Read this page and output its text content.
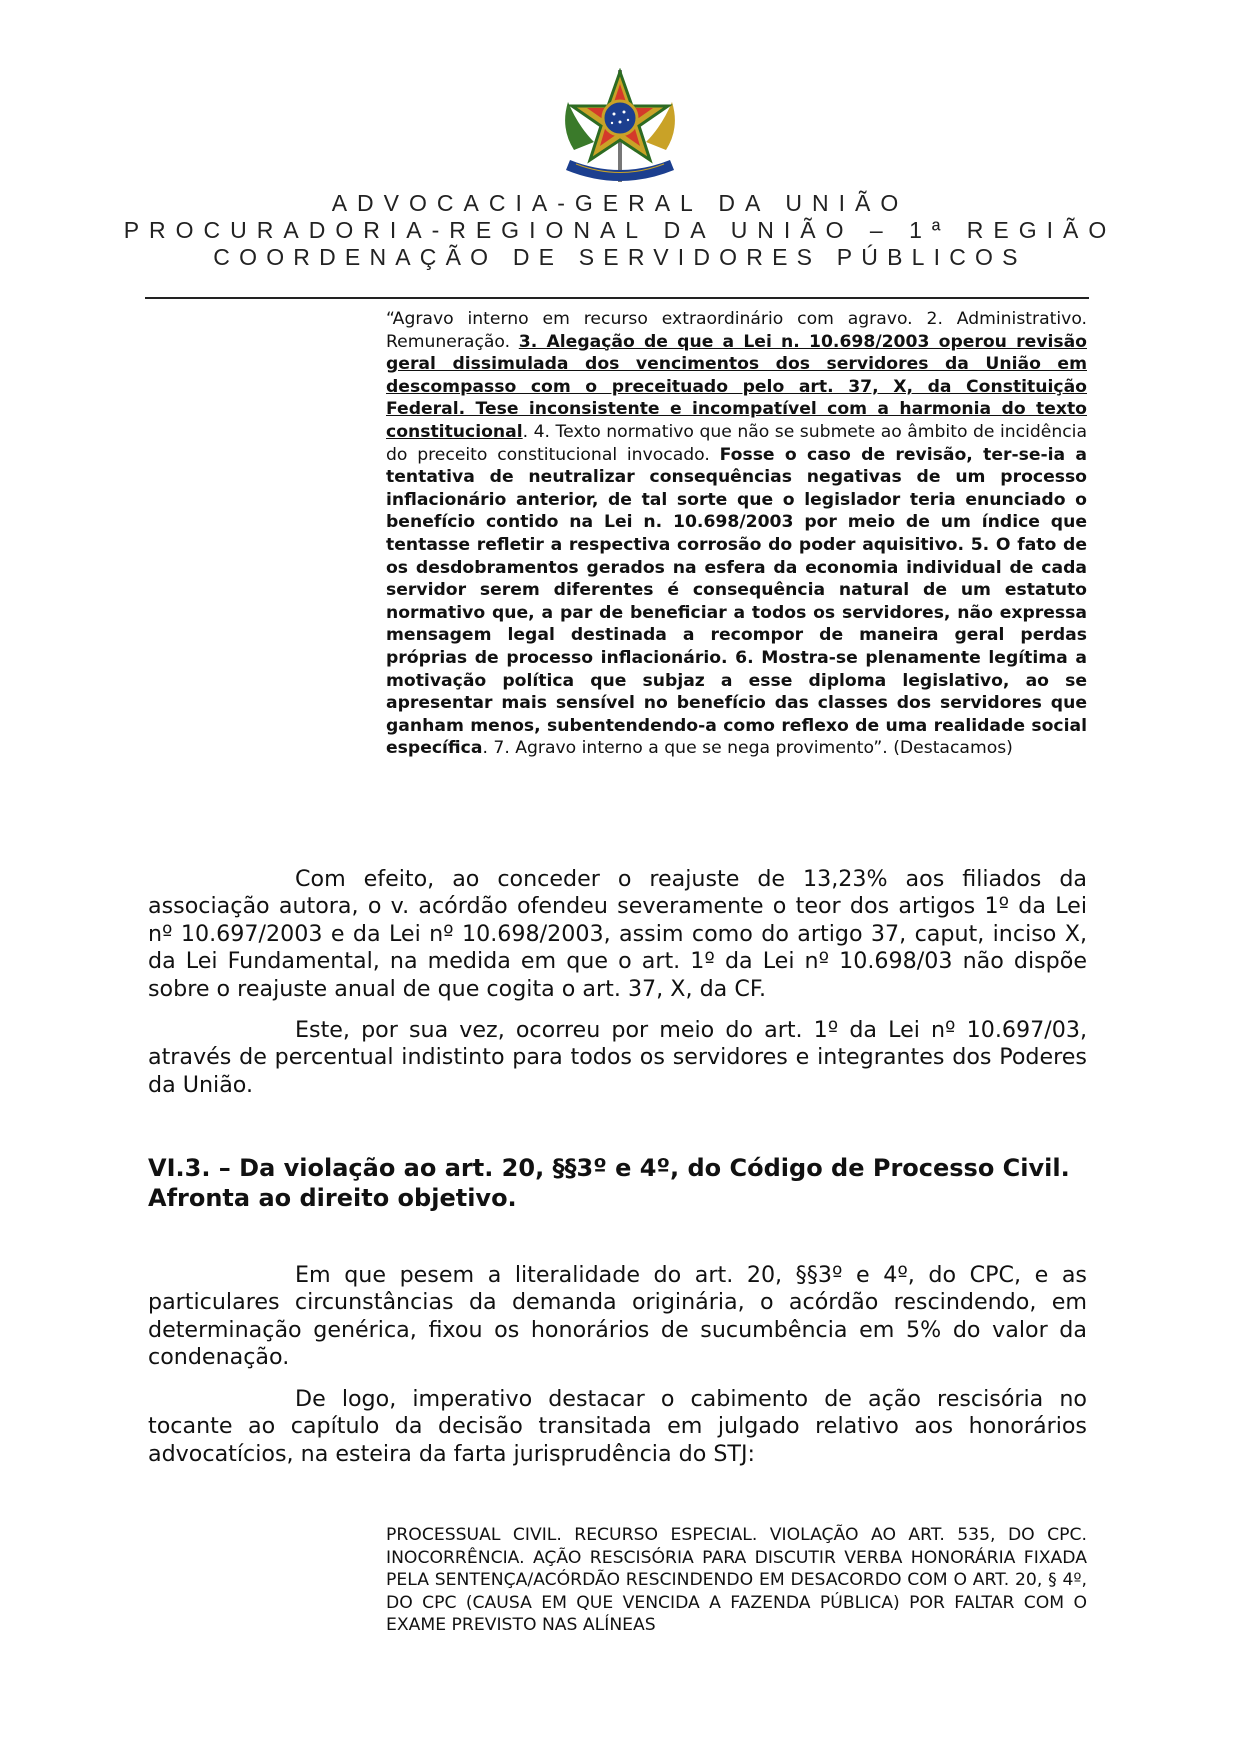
ADVOCACIA-GERAL DA UNIÃO
PROCURADORIA-REGIONAL DA UNIÃO – 1ª REGIÃO
COORDENAÇÃO DE SERVIDORES PÚBLICOS

“Agravo interno em recurso extraordinário com agravo. 2. Administrativo. Remuneração. 3. Alegação de que a Lei n. 10.698/2003 operou revisão geral dissimulada dos vencimentos dos servidores da União em descompasso com o preceituado pelo art. 37, X, da Constituição Federal. Tese inconsistente e incompatível com a harmonia do texto constitucional. 4. Texto normativo que não se submete ao âmbito de incidência do preceito constitucional invocado. Fosse o caso de revisão, ter-se-ia a tentativa de neutralizar consequências negativas de um processo inflacionário anterior, de tal sorte que o legislador teria enunciado o benefício contido na Lei n. 10.698/2003 por meio de um índice que tentasse refletir a respectiva corrosão do poder aquisitivo. 5. O fato de os desdobramentos gerados na esfera da economia individual de cada servidor serem diferentes é consequência natural de um estatuto normativo que, a par de beneficiar a todos os servidores, não expressa mensagem legal destinada a recompor de maneira geral perdas próprias de processo inflacionário. 6. Mostra-se plenamente legítima a motivação política que subjaz a esse diploma legislativo, ao se apresentar mais sensível no benefício das classes dos servidores que ganham menos, subentendendo-a como reflexo de uma realidade social específica. 7. Agravo interno a que se nega provimento”. (Destacamos)

Com efeito, ao conceder o reajuste de 13,23% aos filiados da associação autora, o v. acórdão ofendeu severamente o teor dos artigos 1º da Lei nº 10.697/2003 e da Lei nº 10.698/2003, assim como do artigo 37, caput, inciso X, da Lei Fundamental, na medida em que o art. 1º da Lei nº 10.698/03 não dispõe sobre o reajuste anual de que cogita o art. 37, X, da CF.

Este, por sua vez, ocorreu por meio do art. 1º da Lei nº 10.697/03, através de percentual indistinto para todos os servidores e integrantes dos Poderes da União.

VI.3. – Da violação ao art. 20, §§3º e 4º, do Código de Processo Civil. Afronta ao direito objetivo.

Em que pesem a literalidade do art. 20, §§3º e 4º, do CPC, e as particulares circunstâncias da demanda originária, o acórdão rescindendo, em determinação genérica, fixou os honorários de sucumbência em 5% do valor da condenação.

De logo, imperativo destacar o cabimento de ação rescisória no tocante ao capítulo da decisão transitada em julgado relativo aos honorários advocatícios, na esteira da farta jurisprudência do STJ:

PROCESSUAL CIVIL. RECURSO ESPECIAL. VIOLAÇÃO AO ART. 535, DO CPC. INOCORRÊNCIA. AÇÃO RESCISÓRIA PARA DISCUTIR VERBA HONORÁRIA FIXADA PELA SENTENÇA/ACÓRDÃO RESCINDENDO EM DESACORDO COM O ART. 20, § 4º, DO CPC (CAUSA EM QUE VENCIDA A FAZENDA PÚBLICA) POR FALTAR COM O EXAME PREVISTO NAS ALÍNEAS
